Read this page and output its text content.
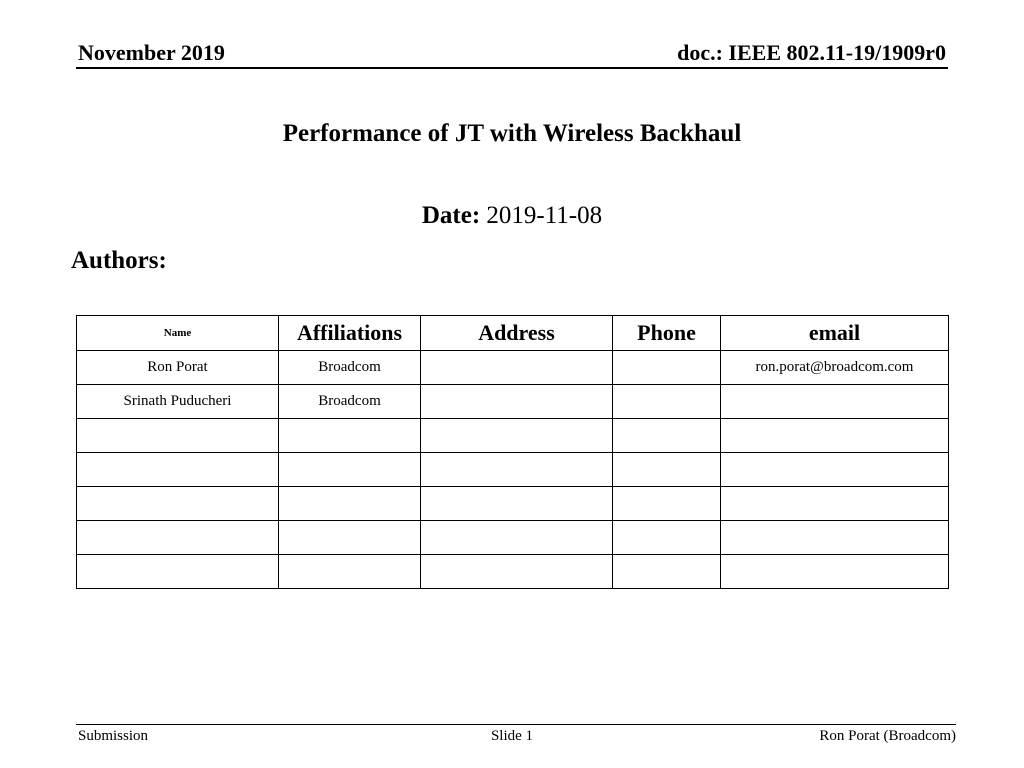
November 2019	doc.: IEEE 802.11-19/1909r0
Performance of JT with Wireless Backhaul
Date: 2019-11-08
Authors:
Name	Affiliations	Address	Phone	email
Ron Porat	Broadcom			ron.porat@broadcom.com
Srinath Puducheri	Broadcom			

Submission	Slide 1	Ron Porat (Broadcom)
